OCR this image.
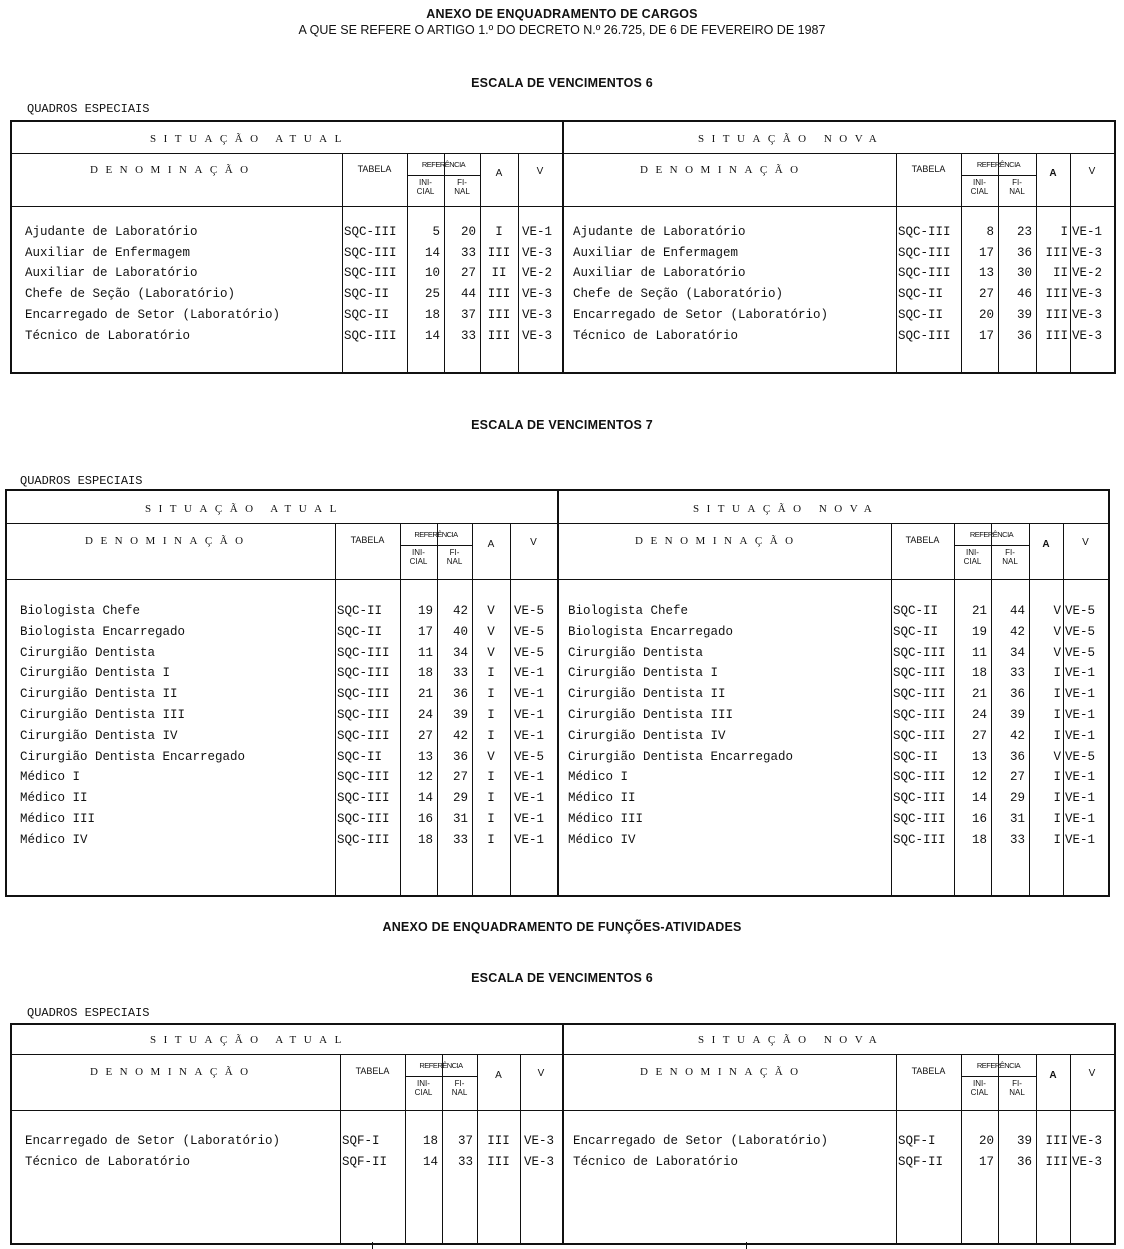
ANEXO DE ENQUADRAMENTO DE CARGOS
A QUE SE REFERE O ARTIGO 1.º DO DECRETO N.º 26.725, DE 6 DE FEVEREIRO DE 1987
ESCALA DE VENCIMENTOS 6
QUADROS ESPECIAIS
SITUAÇÃO ATUAL	SITUAÇÃO NOVA
DENOMINAÇÃO	TABELA	REFERÊNCIA
INI-
CIAL
FI-
NAL
A	V	DENOMINAÇÃO	TABELA	REFERÊNCIA
INI-
CIAL
FI-
NAL
A	V
Ajudante de Laboratório	SQC-III	5	20	I	VE-1 Ajudante de Laboratório	SQC-III	8	23	I VE-1
Auxiliar de Enfermagem	SQC-III	14	33 III VE-3 Auxiliar de Enfermagem	SQC-III	17	36	III VE-3
Auxiliar de Laboratório	SQC-III	10	27	II	VE-2 Auxiliar de Laboratório	SQC-III	13	30	II VE-2
Chefe de Seção (Laboratório)	SQC-II	25	44 III VE-3 Chefe de Seção (Laboratório)	SQC-II	27	46	III VE-3
Encarregado de Setor (Laboratório)	SQC-II	18	37 III VE-3 Encarregado de Setor (Laboratório)	SQC-II	20	39	III VE-3
Técnico de Laboratório	SQC-III	14	33 III VE-3 Técnico de Laboratório	SQC-III	17	36	III VE-3
ESCALA DE VENCIMENTOS 7
QUADROS ESPECIAIS
SITUAÇÃO ATUAL	SITUAÇÃO NOVA
DENOMINAÇÃO	TABELA
REFERÊNCIA
INI-
CIAL
FI-
NAL
A	V	DENOMINAÇÃO	TABELA
REFERÊNCIA
INI-
CIAL
FI-
NAL
A	V
Biologista Chefe	SQC-II	19	42	V	VE-5 Biologista Chefe	SQC-II	21	44	V VE-5
Biologista Encarregado	SQC-II	17	40	V	VE-5 Biologista Encarregado	SQC-II	19	42	V VE-5
Cirurgião Dentista	SQC-III	11	34	V	VE-5 Cirurgião Dentista	SQC-III	11	34	V VE-5
Cirurgião Dentista I	SQC-III	18	33	I	VE-1 Cirurgião Dentista I	SQC-III	18	33	I VE-1
Cirurgião Dentista II	SQC-III	21	36	I	VE-1 Cirurgião Dentista II	SQC-III	21	36	I VE-1
Cirurgião Dentista III	SQC-III	24	39	I	VE-1 Cirurgião Dentista III	SQC-III	24	39	I VE-1
Cirurgião Dentista IV	SQC-III	27	42	I	VE-1 Cirurgião Dentista IV	SQC-III	27	42	I VE-1
Cirurgião Dentista Encarregado	SQC-II	13	36	V	VE-5 Cirurgião Dentista Encarregado	SQC-II	13	36	V VE-5
Médico I	SQC-III	12	27	I	VE-1 Médico I	SQC-III	12	27	I VE-1
Médico II	SQC-III	14	29	I	VE-1 Médico II	SQC-III	14	29	I VE-1
Médico III	SQC-III	16	31	I	VE-1 Médico III	SQC-III	16	31	I VE-1
Médico IV	SQC-III	18	33	I	VE-1 Médico IV	SQC-III	18	33	I VE-1
ANEXO DE ENQUADRAMENTO DE FUNÇÕES-ATIVIDADES
ESCALA DE VENCIMENTOS 6
QUADROS ESPECIAIS
SITUAÇÃO ATUAL	SITUAÇÃO NOVA
DENOMINAÇÃO	TABELA
REFERÊNCIA
INI-
CIAL
FI-
NAL
A	V	DENOMINAÇÃO	TABELA
REFERÊNCIA
INI-
CIAL
FI-
NAL
A	V
Encarregado de Setor (Laboratório)	SQF-I	18	37	III	VE-3 Encarregado de Setor (Laboratório)	SQF-I	20	39	III VE-3
Técnico de Laboratório	SQF-II	14	33	III	VE-3 Técnico de Laboratório	SQF-II	17	36	III VE-3
